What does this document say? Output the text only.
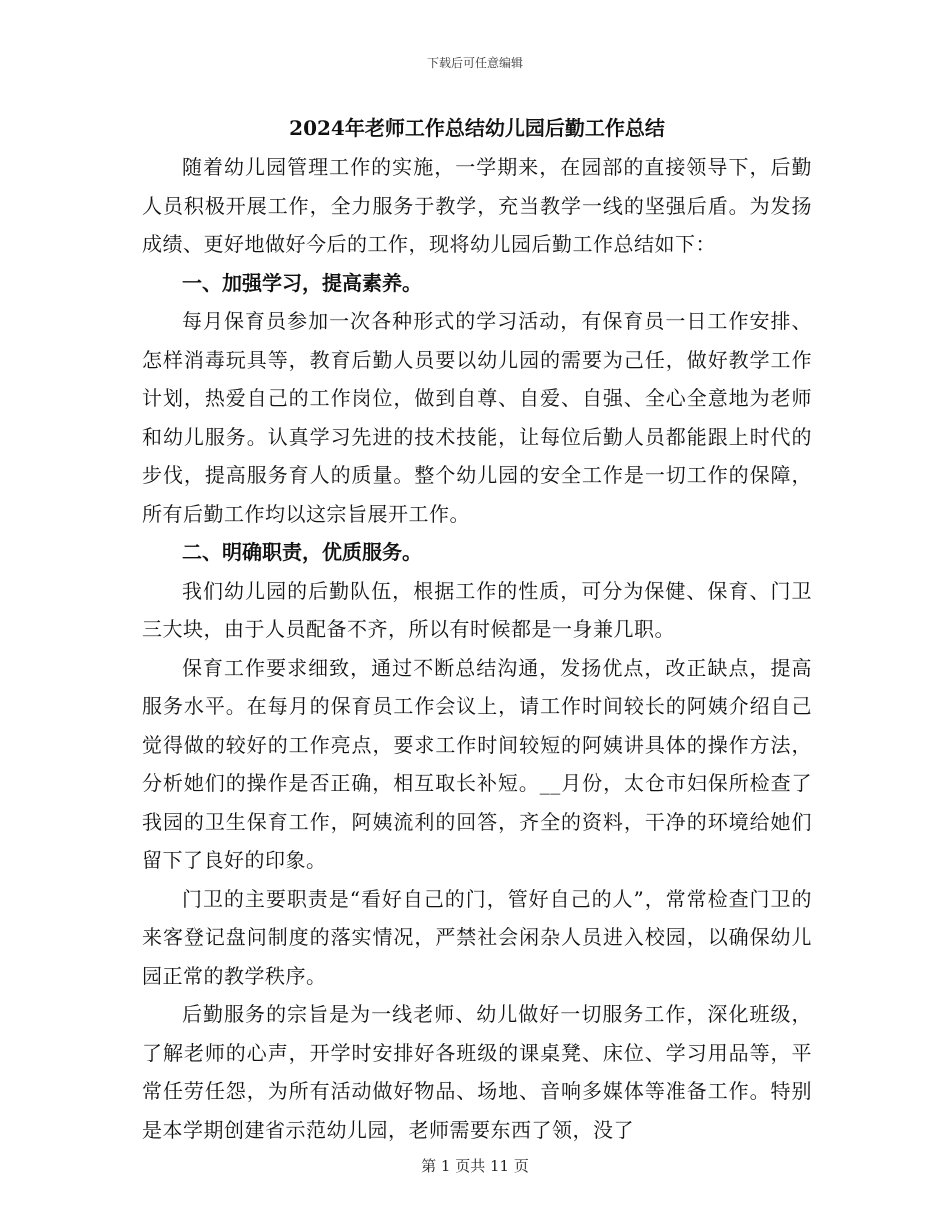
下载后可任意编辑
2024年老师工作总结幼儿园后勤工作总结

随着幼儿园管理工作的实施，一学期来，在园部的直接领导下，后勤人员积极开展工作，全力服务于教学，充当教学一线的坚强后盾。为发扬成绩、更好地做好今后的工作，现将幼儿园后勤工作总结如下：

一、加强学习，提高素养。

每月保育员参加一次各种形式的学习活动，有保育员一日工作安排、怎样消毒玩具等，教育后勤人员要以幼儿园的需要为己任，做好教学工作计划，热爱自己的工作岗位，做到自尊、自爱、自强、全心全意地为老师和幼儿服务。认真学习先进的技术技能，让每位后勤人员都能跟上时代的步伐，提高服务育人的质量。整个幼儿园的安全工作是一切工作的保障，所有后勤工作均以这宗旨展开工作。

二、明确职责，优质服务。

我们幼儿园的后勤队伍，根据工作的性质，可分为保健、保育、门卫三大块，由于人员配备不齐，所以有时候都是一身兼几职。

保育工作要求细致，通过不断总结沟通，发扬优点，改正缺点，提高服务水平。在每月的保育员工作会议上，请工作时间较长的阿姨介绍自己觉得做的较好的工作亮点，要求工作时间较短的阿姨讲具体的操作方法，分析她们的操作是否正确，相互取长补短。__月份，太仓市妇保所检查了我园的卫生保育工作，阿姨流利的回答，齐全的资料，干净的环境给她们留下了良好的印象。

门卫的主要职责是“看好自己的门，管好自己的人”，常常检查门卫的来客登记盘问制度的落实情况，严禁社会闲杂人员进入校园，以确保幼儿园正常的教学秩序。

后勤服务的宗旨是为一线老师、幼儿做好一切服务工作，深化班级，了解老师的心声，开学时安排好各班级的课桌凳、床位、学习用品等，平常任劳任怨，为所有活动做好物品、场地、音响多媒体等准备工作。特别是本学期创建省示范幼儿园，老师需要东西了领，没了

第 1 页共 11 页
